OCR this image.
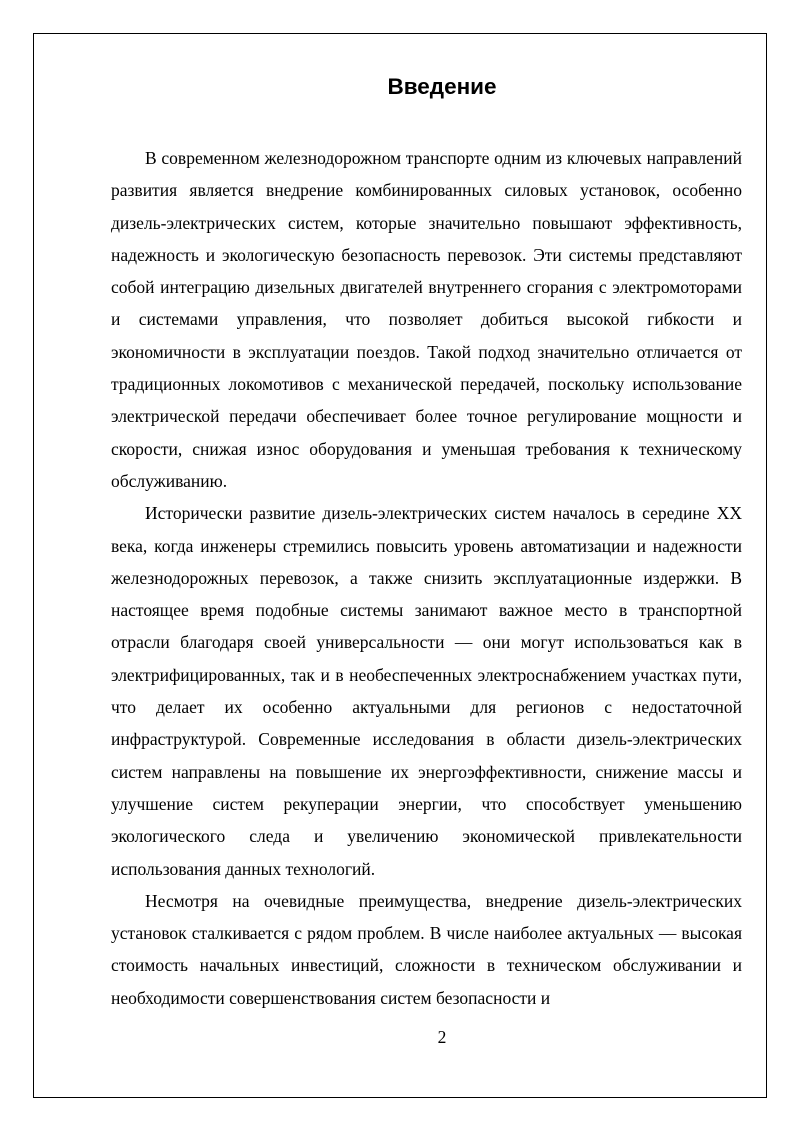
Введение

В современном железнодорожном транспорте одним из ключевых направлений развития является внедрение комбинированных силовых установок, особенно дизель-электрических систем, которые значительно повышают эффективность, надежность и экологическую безопасность перевозок. Эти системы представляют собой интеграцию дизельных двигателей внутреннего сгорания с электромоторами и системами управления, что позволяет добиться высокой гибкости и экономичности в эксплуатации поездов. Такой подход значительно отличается от традиционных локомотивов с механической передачей, поскольку использование электрической передачи обеспечивает более точное регулирование мощности и скорости, снижая износ оборудования и уменьшая требования к техническому обслуживанию.

Исторически развитие дизель-электрических систем началось в середине XX века, когда инженеры стремились повысить уровень автоматизации и надежности железнодорожных перевозок, а также снизить эксплуатационные издержки. В настоящее время подобные системы занимают важное место в транспортной отрасли благодаря своей универсальности — они могут использоваться как в электрифицированных, так и в необеспеченных электроснабжением участках пути, что делает их особенно актуальными для регионов с недостаточной инфраструктурой. Современные исследования в области дизель-электрических систем направлены на повышение их энергоэффективности, снижение массы и улучшение систем рекуперации энергии, что способствует уменьшению экологического следа и увеличению экономической привлекательности использования данных технологий.

Несмотря на очевидные преимущества, внедрение дизель-электрических установок сталкивается с рядом проблем. В числе наиболее актуальных — высокая стоимость начальных инвестиций, сложности в техническом обслуживании и необходимости совершенствования систем безопасности и

2
